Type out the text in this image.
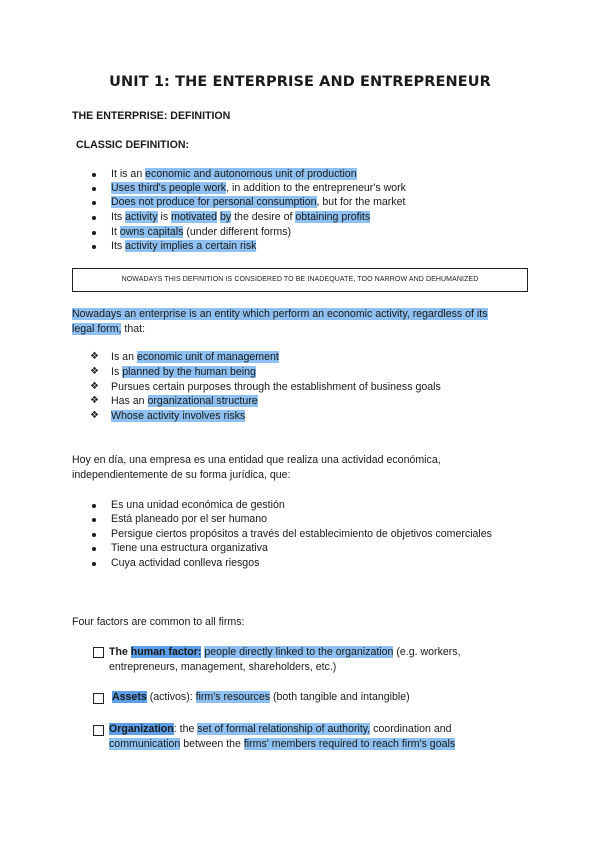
UNIT 1: THE ENTERPRISE AND ENTREPRENEUR
THE ENTERPRISE: DEFINITION
CLASSIC DEFINITION:
It is an economic and autonomous unit of production
Uses third's people work, in addition to the entrepreneur's work
Does not produce for personal consumption, but for the market
Its activity is motivated by the desire of obtaining profits
It owns capitals (under different forms)
Its activity implies a certain risk
NOWADAYS THIS DEFINITION IS CONSIDERED TO BE INADEQUATE, TOO NARROW AND DEHUMANIZED
Nowadays an enterprise is an entity which perform an economic activity, regardless of its
legal form, that:
❖ Is an economic unit of management
❖ Is planned by the human being
❖ Pursues certain purposes through the establishment of business goals
❖ Has an organizational structure
❖ Whose activity involves risks
Hoy en día, una empresa es una entidad que realiza una actividad económica,
independientemente de su forma jurídica, que:
Es una unidad económica de gestión
Está planeado por el ser humano
Persigue ciertos propósitos a través del establecimiento de objetivos comerciales
Tiene una estructura organizativa
Cuya actividad conlleva riesgos
Four factors are common to all firms:
The human factor: people directly linked to the organization (e.g. workers,
entrepreneurs, management, shareholders, etc.)
Assets (activos): firm's resources (both tangible and intangible)
Organization: the set of formal relationship of authority, coordination and
communication between the firms' members required to reach firm's goals
